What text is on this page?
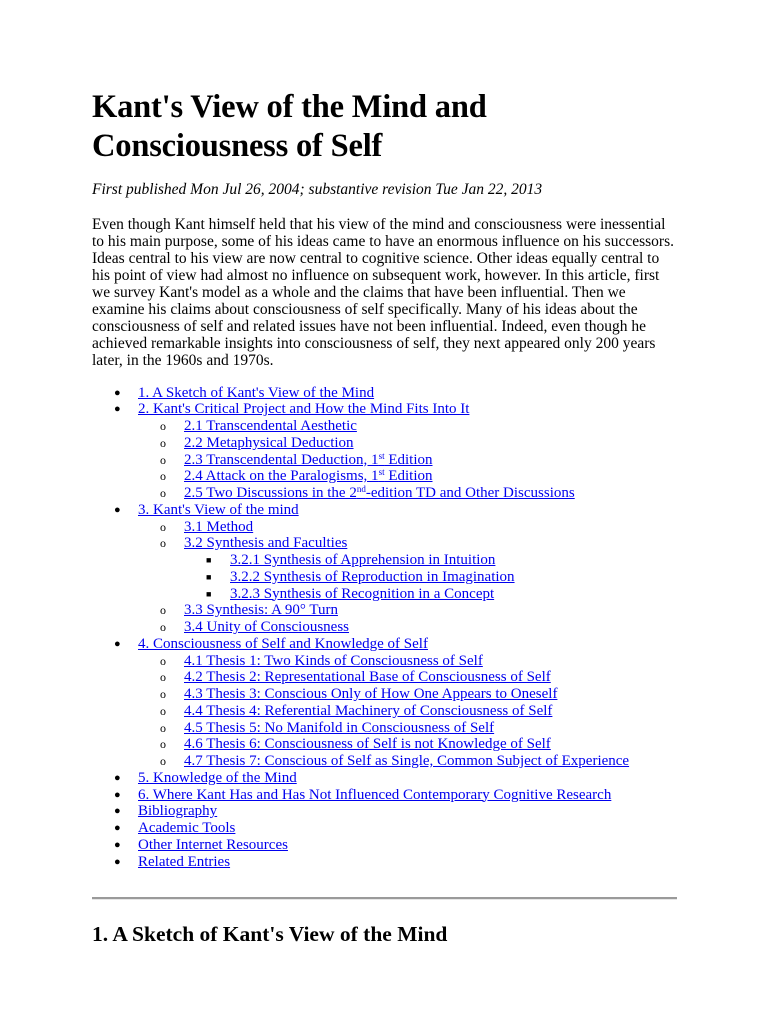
Kant's View of the Mind and Consciousness of Self
First published Mon Jul 26, 2004; substantive revision Tue Jan 22, 2013

Even though Kant himself held that his view of the mind and consciousness were inessential to his main purpose, some of his ideas came to have an enormous influence on his successors. Ideas central to his view are now central to cognitive science. Other ideas equally central to his point of view had almost no influence on subsequent work, however. In this article, first we survey Kant's model as a whole and the claims that have been influential. Then we examine his claims about consciousness of self specifically. Many of his ideas about the consciousness of self and related issues have not been influential. Indeed, even though he achieved remarkable insights into consciousness of self, they next appeared only 200 years later, in the 1960s and 1970s.

● 1. A Sketch of Kant's View of the Mind
● 2. Kant's Critical Project and How the Mind Fits Into It
o 2.1 Transcendental Aesthetic
o 2.2 Metaphysical Deduction
o 2.3 Transcendental Deduction, 1st Edition
o 2.4 Attack on the Paralogisms, 1st Edition
o 2.5 Two Discussions in the 2nd-edition TD and Other Discussions
● 3. Kant's View of the mind
o 3.1 Method
o 3.2 Synthesis and Faculties
■ 3.2.1 Synthesis of Apprehension in Intuition
■ 3.2.2 Synthesis of Reproduction in Imagination
■ 3.2.3 Synthesis of Recognition in a Concept
o 3.3 Synthesis: A 90° Turn
o 3.4 Unity of Consciousness
● 4. Consciousness of Self and Knowledge of Self
o 4.1 Thesis 1: Two Kinds of Consciousness of Self
o 4.2 Thesis 2: Representational Base of Consciousness of Self
o 4.3 Thesis 3: Conscious Only of How One Appears to Oneself
o 4.4 Thesis 4: Referential Machinery of Consciousness of Self
o 4.5 Thesis 5: No Manifold in Consciousness of Self
o 4.6 Thesis 6: Consciousness of Self is not Knowledge of Self
o 4.7 Thesis 7: Conscious of Self as Single, Common Subject of Experience
● 5. Knowledge of the Mind
● 6. Where Kant Has and Has Not Influenced Contemporary Cognitive Research
● Bibliography
● Academic Tools
● Other Internet Resources
● Related Entries
1. A Sketch of Kant's View of the Mind
